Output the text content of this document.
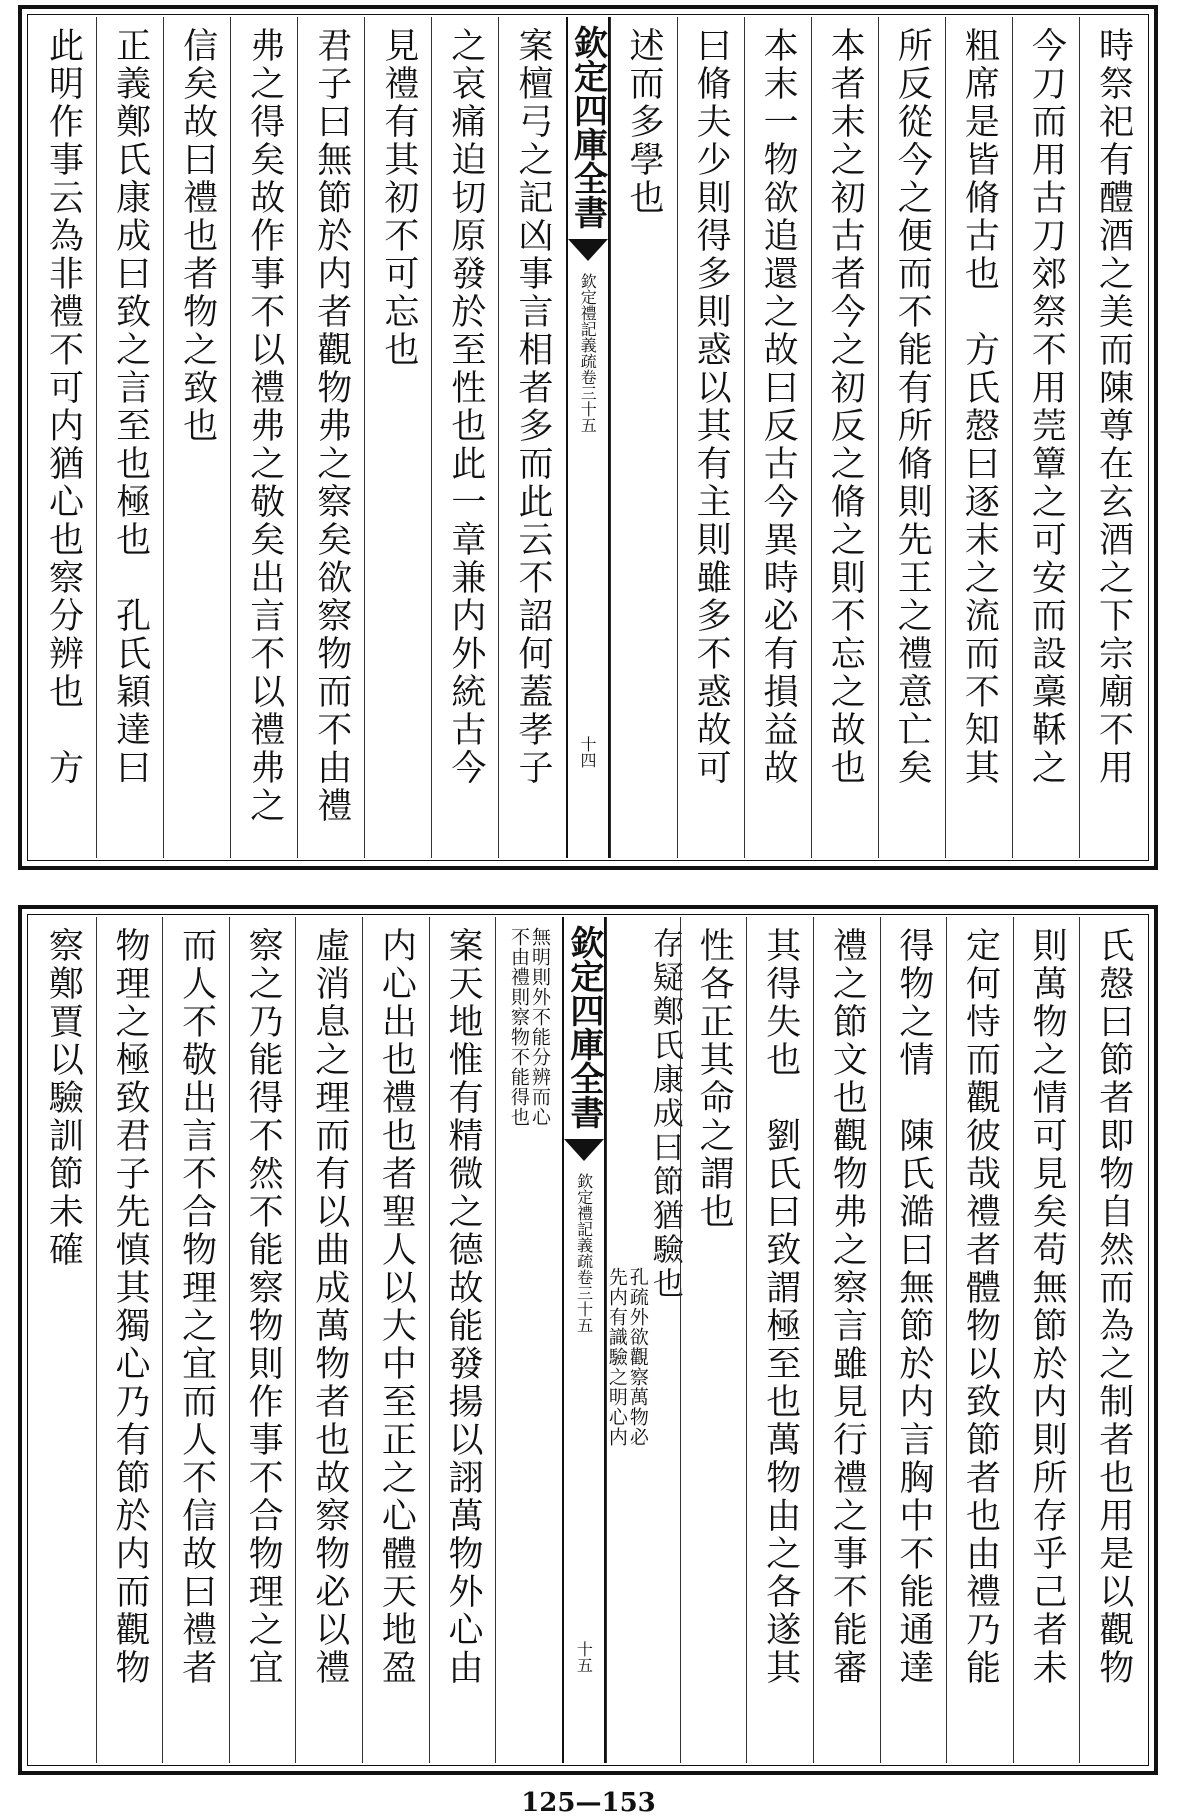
時祭祀有醴酒之美而陳尊在玄酒之下宗廟不用
今刀而用古刀郊祭不用莞簟之可安而設稾鞂之
粗席是皆脩古也　方氏慤曰逐末之流而不知其
所反從今之便而不能有所脩則先王之禮意亡矣
本者末之初古者今之初反之脩之則不忘之故也
本末一物欲追還之故曰反古今異時必有損益故
曰脩夫少則得多則惑以其有主則雖多不惑故可
述而多學也
欽定四庫全書
欽定禮記義疏
卷三十五
十四
案檀弓之記凶事言相者多而此云不詔何蓋孝子
之哀痛迫切原發於至性也此一章兼内外統古今
見禮有其初不可忘也
君子曰無節於内者觀物弗之察矣欲察物而不由禮
弗之得矣故作事不以禮弗之敬矣出言不以禮弗之
信矣故曰禮也者物之致也
正義鄭氏康成曰致之言至也極也　孔氏穎達曰
此明作事云為非禮不可内猶心也察分辨也　方
氏慤曰節者即物自然而為之制者也用是以觀物
則萬物之情可見矣苟無節於内則所存乎己者未
定何恃而觀彼哉禮者體物以致節者也由禮乃能
得物之情　陳氏澔曰無節於内言胸中不能通達
禮之節文也觀物弗之察言雖見行禮之事不能審
其得失也　劉氏曰致謂極至也萬物由之各遂其
性各正其命之謂也
存疑鄭氏康成曰節猶驗也
孔疏外欲觀察萬物必
先内有識驗之明心内
欽定四庫全書
欽定禮記義疏
卷三十五
十五
無明則外不能分辨而心
不由禮則察物不能得也
案天地惟有精微之德故能發揚以詡萬物外心由
内心出也禮也者聖人以大中至正之心體天地盈
虛消息之理而有以曲成萬物者也故察物必以禮
察之乃能得不然不能察物則作事不合物理之宜
而人不敬出言不合物理之宜而人不信故曰禮者
物理之極致君子先慎其獨心乃有節於内而觀物
察鄭賈以驗訓節未確
125—153
